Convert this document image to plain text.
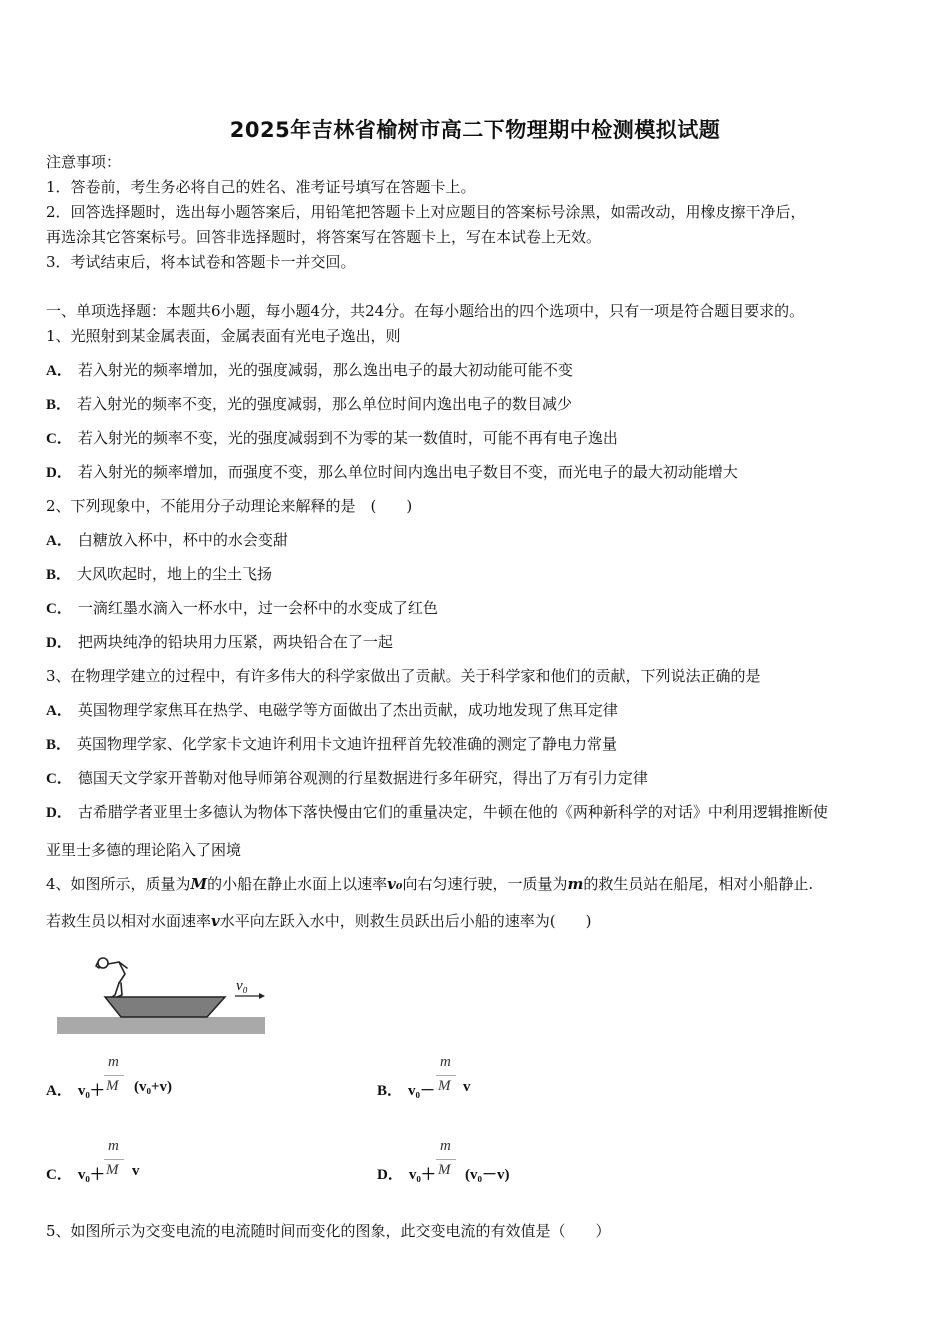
2025年吉林省榆树市高二下物理期中检测模拟试题
注意事项：
1．答卷前，考生务必将自己的姓名、准考证号填写在答题卡上。
2．回答选择题时，选出每小题答案后，用铅笔把答题卡上对应题目的答案标号涂黑，如需改动，用橡皮擦干净后，
再选涂其它答案标号。回答非选择题时，将答案写在答题卡上，写在本试卷上无效。
3．考试结束后，将本试卷和答题卡一并交回。
一、单项选择题：本题共6小题，每小题4分，共24分。在每小题给出的四个选项中，只有一项是符合题目要求的。
1、光照射到某金属表面，金属表面有光电子逸出，则
A． 若入射光的频率增加，光的强度减弱，那么逸出电子的最大初动能可能不变
B． 若入射光的频率不变，光的强度减弱，那么单位时间内逸出电子的数目减少
C． 若入射光的频率不变，光的强度减弱到不为零的某一数值时，可能不再有电子逸出
D． 若入射光的频率增加，而强度不变，那么单位时间内逸出电子数目不变，而光电子的最大初动能增大
2、下列现象中，不能用分子动理论来解释的是　(　　)
A． 白糖放入杯中，杯中的水会变甜
B． 大风吹起时，地上的尘土飞扬
C． 一滴红墨水滴入一杯水中，过一会杯中的水变成了红色
D． 把两块纯净的铅块用力压紧，两块铅合在了一起
3、在物理学建立的过程中，有许多伟大的科学家做出了贡献。关于科学家和他们的贡献，下列说法正确的是
A． 英国物理学家焦耳在热学、电磁学等方面做出了杰出贡献，成功地发现了焦耳定律
B． 英国物理学家、化学家卡文迪许利用卡文迪许扭秤首先较准确的测定了静电力常量
C． 德国天文学家开普勒对他导师第谷观测的行星数据进行多年研究，得出了万有引力定律
D． 古希腊学者亚里士多德认为物体下落快慢由它们的重量决定，牛顿在他的《两种新科学的对话》中利用逻辑推断使
亚里士多德的理论陷入了困境
4、如图所示，质量为M的小船在静止水面上以速率v₀向右匀速行驶，一质量为m的救生员站在船尾，相对小船静止.
若救生员以相对水面速率v水平向左跃入水中，则救生员跃出后小船的速率为(　　)
v₀
m
M
A． v₀＋ (v₀+v)
m
M
B． v₀－ v
m
M
C． v₀＋ v
m
M
D． v₀＋ (v₀－v)
5、如图所示为交变电流的电流随时间而变化的图象，此交变电流的有效值是（　　）
